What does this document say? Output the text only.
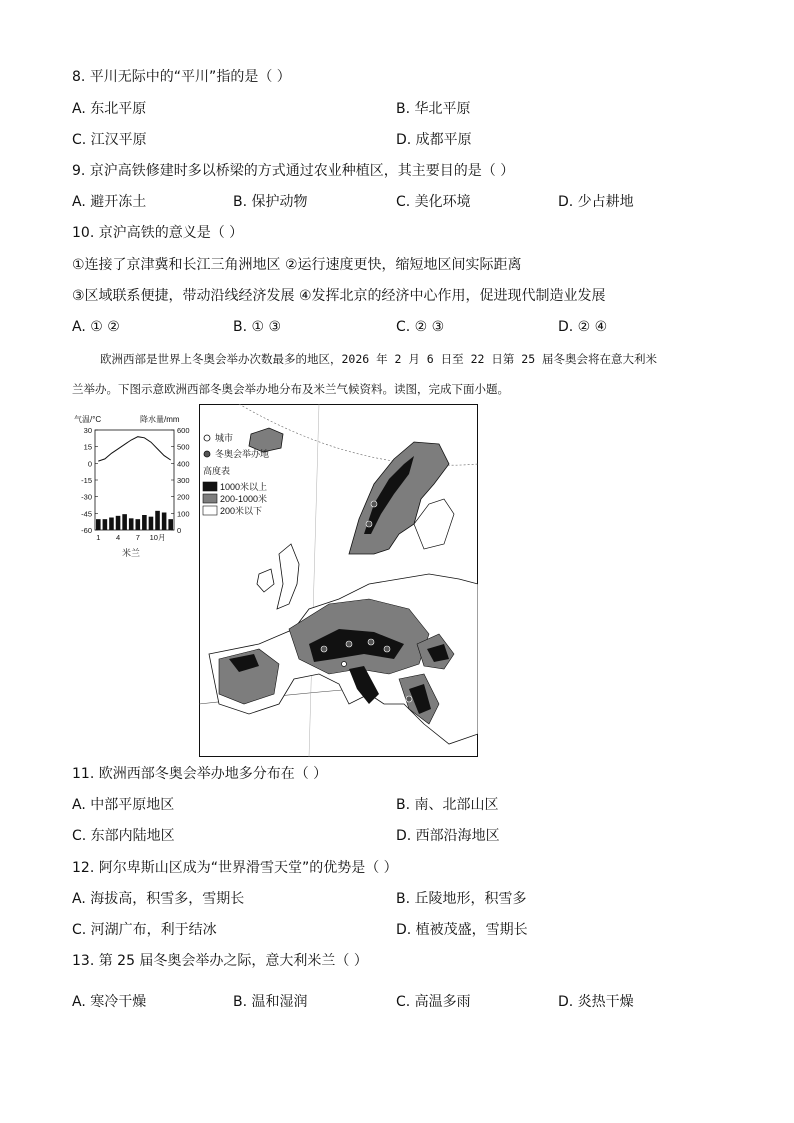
8. 平川无际中的“平川”指的是（ ）
A. 东北平原	B. 华北平原
C. 江汉平原	D. 成都平原
9. 京沪高铁修建时多以桥梁的方式通过农业种植区，其主要目的是（ ）
A. 避开冻土	B. 保护动物	C. 美化环境	D. 少占耕地
10. 京沪高铁的意义是（ ）
①连接了京津冀和长江三角洲地区 ②运行速度更快，缩短地区间实际距离
③区域联系便捷，带动沿线经济发展 ④发挥北京的经济中心作用，促进现代制造业发展
A. ① ②	B. ① ③	C. ② ③	D. ② ④
欧洲西部是世界上冬奥会举办次数最多的地区，2026 年 2 月 6 日至 22 日第 25 届冬奥会将在意大利米
兰举办。下图示意欧洲西部冬奥会举办地分布及米兰气候资料。读图，完成下面小题。
气温/°C	降水量/mm
30
15
0
-15
-30
-45
-60
600
500
400
300
200
100
0
1 4 7 10月
米兰
城市
冬奥会举办地
高度表
1000米以上
200-1000米
200米以下
11. 欧洲西部冬奥会举办地多分布在（ ）
A. 中部平原地区	B. 南、北部山区
C. 东部内陆地区	D. 西部沿海地区
12. 阿尔卑斯山区成为“世界滑雪天堂”的优势是（ ）
A. 海拔高，积雪多，雪期长	B. 丘陵地形，积雪多
C. 河湖广布，利于结冰	D. 植被茂盛，雪期长
13. 第 25 届冬奥会举办之际，意大利米兰（ ）
A. 寒冷干燥	B. 温和湿润	C. 高温多雨	D. 炎热干燥
